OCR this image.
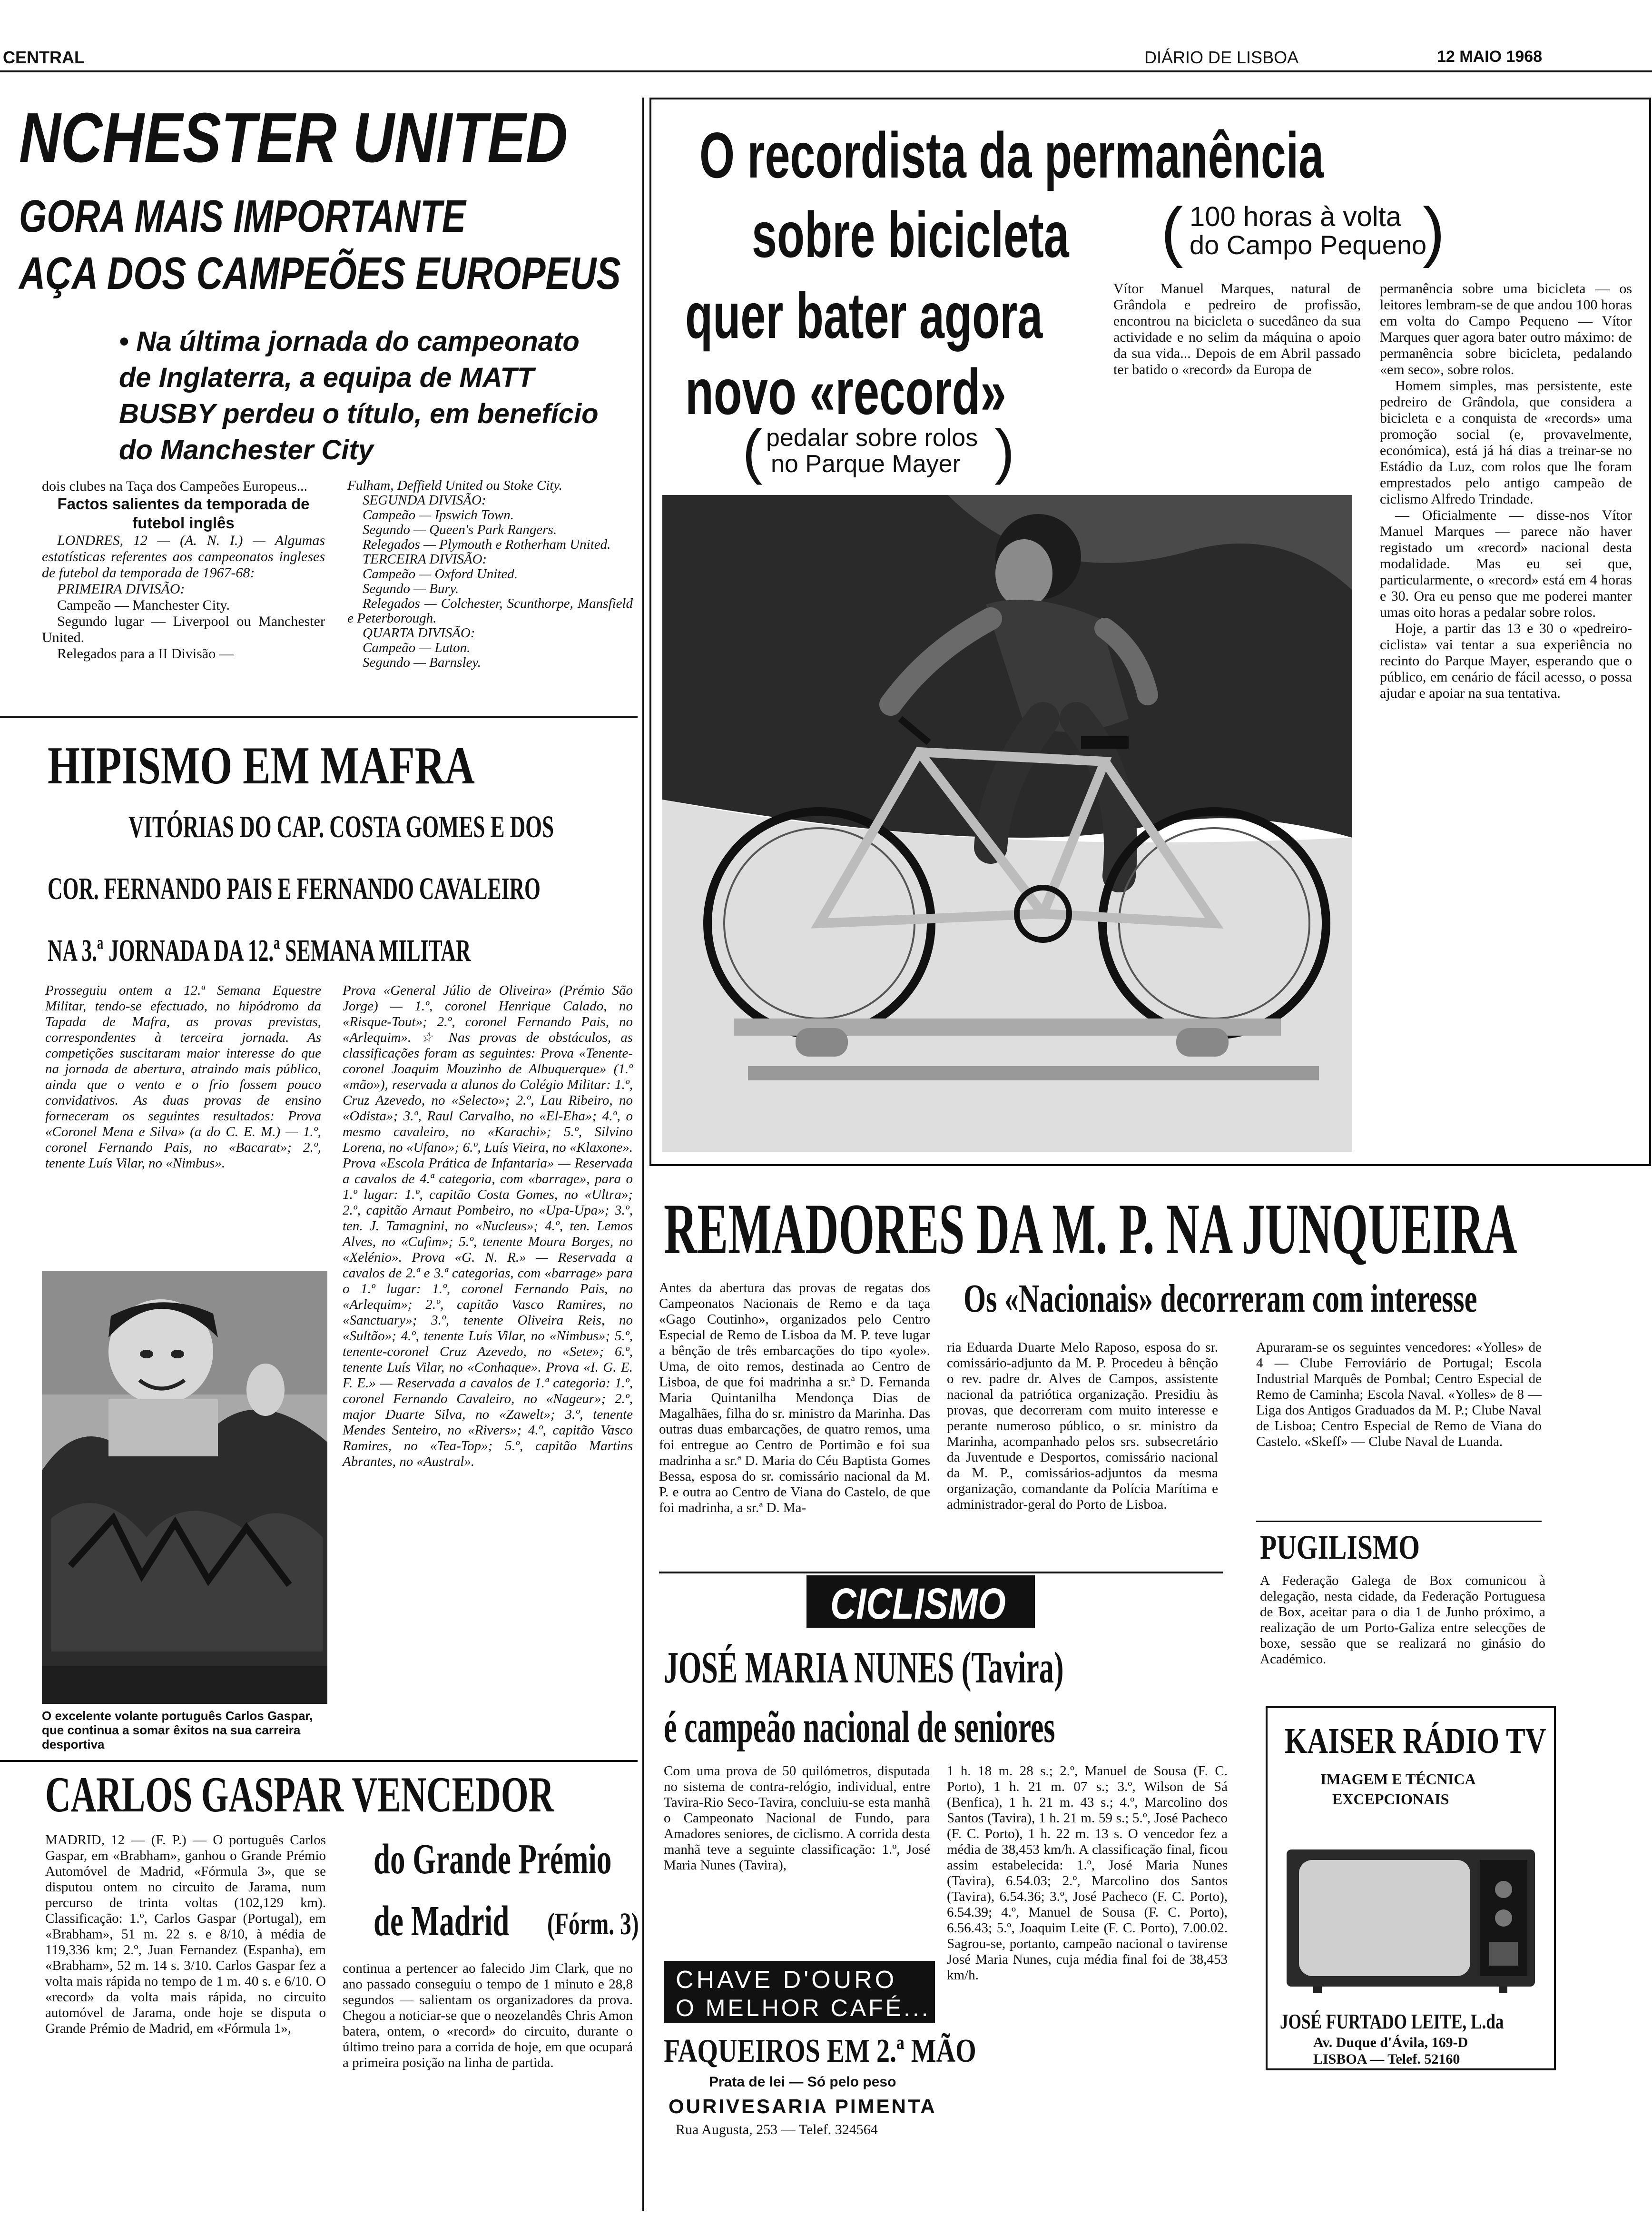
CENTRAL	DIÁRIO DE LISBOA	12 MAIO 1968
NCHESTER UNITED
GORA MAIS IMPORTANTE
AÇA DOS CAMPEÕES EUROPEUS
• Na última jornada do campeonato de Inglaterra, a equipa de MATT BUSBY perdeu o título, em benefício do Manchester City

dois clubes na Taça dos Campeões Europeus...

Factos salientes da temporada de futebol inglês

LONDRES, 12 — (A. N. I.) — Algumas estatísticas referentes aos campeonatos ingleses de futebol da temporada de 1967-68:

PRIMEIRA DIVISÃO:

Campeão — Manchester City.

Segundo lugar — Liverpool ou Manchester United.

Relegados para a II Divisão —

Fulham, Deffield United ou Stoke City.

SEGUNDA DIVISÃO:

Campeão — Ipswich Town.

Segundo — Queen's Park Rangers.

Relegados — Plymouth e Rotherham United.

TERCEIRA DIVISÃO:

Campeão — Oxford United.

Segundo — Bury.

Relegados — Colchester, Scunthorpe, Mansfield e Peterborough.

QUARTA DIVISÃO:

Campeão — Luton.

Segundo — Barnsley.

HIPISMO EM MAFRA
VITÓRIAS DO CAP. COSTA GOMES E DOS
COR. FERNANDO PAIS E FERNANDO CAVALEIRO
NA 3.ª JORNADA DA 12.ª SEMANA MILITAR
Prosseguiu ontem a 12.ª Semana Equestre Militar, tendo-se efectuado, no hipódromo da Tapada de Mafra, as provas previstas, correspondentes à terceira jornada. As competições suscitaram maior interesse do que na jornada de abertura, atraindo mais público, ainda que o vento e o frio fossem pouco convidativos. As duas provas de ensino forneceram os seguintes resultados: Prova «Coronel Mena e Silva» (a do C. E. M.) — 1.º, coronel Fernando Pais, no «Bacarat»; 2.º, tenente Luís Vilar, no «Nimbus».
Prova «General Júlio de Oliveira» (Prémio São Jorge) — 1.º, coronel Henrique Calado, no «Risque-Tout»; 2.º, coronel Fernando Pais, no «Arlequim». ☆ Nas provas de obstáculos, as classificações foram as seguintes: Prova «Tenente-coronel Joaquim Mouzinho de Albuquerque» (1.º «mão»), reservada a alunos do Colégio Militar: 1.º, Cruz Azevedo, no «Selecto»; 2.º, Lau Ribeiro, no «Odista»; 3.º, Raul Carvalho, no «El-Eha»; 4.º, o mesmo cavaleiro, no «Karachi»; 5.º, Silvino Lorena, no «Ufano»; 6.º, Luís Vieira, no «Klaxone». Prova «Escola Prática de Infantaria» — Reservada a cavalos de 4.ª categoria, com «barrage», para o 1.º lugar: 1.º, capitão Costa Gomes, no «Ultra»; 2.º, capitão Arnaut Pombeiro, no «Upa-Upa»; 3.º, ten. J. Tamagnini, no «Nucleus»; 4.º, ten. Lemos Alves, no «Cufim»; 5.º, tenente Moura Borges, no «Xelénio». Prova «G. N. R.» — Reservada a cavalos de 2.ª e 3.ª categorias, com «barrage» para o 1.º lugar: 1.º, coronel Fernando Pais, no «Arlequim»; 2.º, capitão Vasco Ramires, no «Sanctuary»; 3.º, tenente Oliveira Reis, no «Sultão»; 4.º, tenente Luís Vilar, no «Nimbus»; 5.º, tenente-coronel Cruz Azevedo, no «Sete»; 6.º, tenente Luís Vilar, no «Conhaque». Prova «I. G. E. F. E.» — Reservada a cavalos de 1.ª categoria: 1.º, coronel Fernando Cavaleiro, no «Nageur»; 2.º, major Duarte Silva, no «Zawelt»; 3.º, tenente Mendes Senteiro, no «Rivers»; 4.º, capitão Vasco Ramires, no «Tea-Top»; 5.º, capitão Martins Abrantes, no «Austral».
O excelente volante português Carlos Gaspar, que continua a somar êxitos na sua carreira desportiva
CARLOS GASPAR VENCEDOR
MADRID, 12 — (F. P.) — O português Carlos Gaspar, em «Brabham», ganhou o Grande Prémio Automóvel de Madrid, «Fórmula 3», que se disputou ontem no circuito de Jarama, num percurso de trinta voltas (102,129 km). Classificação: 1.º, Carlos Gaspar (Portugal), em «Brabham», 51 m. 22 s. e 8/10, à média de 119,336 km; 2.º, Juan Fernandez (Espanha), em «Brabham», 52 m. 14 s. 3/10. Carlos Gaspar fez a volta mais rápida no tempo de 1 m. 40 s. e 6/10. O «record» da volta mais rápida, no circuito automóvel de Jarama, onde hoje se disputa o Grande Prémio de Madrid, em «Fórmula 1»,
do Grande Prémio
de Madrid (Fórm. 3)
continua a pertencer ao falecido Jim Clark, que no ano passado conseguiu o tempo de 1 minuto e 28,8 segundos — salientam os organizadores da prova. Chegou a noticiar-se que o neozelandês Chris Amon batera, ontem, o «record» do circuito, durante o último treino para a corrida de hoje, em que ocupará a primeira posição na linha de partida.
O recordista da permanência
sobre bicicleta ( 100 horas à volta
do Campo Pequeno
)
quer bater agora
novo «record»
( pedalar sobre rolos
no Parque Mayer )
Vítor Manuel Marques, natural de Grândola e pedreiro de profissão, encontrou na bicicleta o sucedâneo da sua actividade e no selim da máquina o apoio da sua vida... Depois de em Abril passado ter batido o «record» da Europa de

permanência sobre uma bicicleta — os leitores lembram-se de que andou 100 horas em volta do Campo Pequeno — Vítor Marques quer agora bater outro máximo: de permanência sobre bicicleta, pedalando «em seco», sobre rolos.

Homem simples, mas persistente, este pedreiro de Grândola, que considera a bicicleta e a conquista de «records» uma promoção social (e, provavelmente, económica), está já há dias a treinar-se no Estádio da Luz, com rolos que lhe foram emprestados pelo antigo campeão de ciclismo Alfredo Trindade.

— Oficialmente — disse-nos Vítor Manuel Marques — parece não haver registado um «record» nacional desta modalidade. Mas eu sei que, particularmente, o «record» está em 4 horas e 30. Ora eu penso que me poderei manter umas oito horas a pedalar sobre rolos.

Hoje, a partir das 13 e 30 o «pedreiro-ciclista» vai tentar a sua experiência no recinto do Parque Mayer, esperando que o público, em cenário de fácil acesso, o possa ajudar e apoiar na sua tentativa.

REMADORES DA M. P. NA JUNQUEIRA
Antes da abertura das provas de regatas dos Campeonatos Nacionais de Remo e da taça «Gago Coutinho», organizados pelo Centro Especial de Remo de Lisboa da M. P. teve lugar a bênção de três embarcações do tipo «yole». Uma, de oito remos, destinada ao Centro de Lisboa, de que foi madrinha a sr.ª D. Fernanda Maria Quintanilha Mendonça Dias de Magalhães, filha do sr. ministro da Marinha. Das outras duas embarcações, de quatro remos, uma foi entregue ao Centro de Portimão e foi sua madrinha a sr.ª D. Maria do Céu Baptista Gomes Bessa, esposa do sr. comissário nacional da M. P. e outra ao Centro de Viana do Castelo, de que foi madrinha, a sr.ª D. Ma-
Os «Nacionais» decorreram com interesse
ria Eduarda Duarte Melo Raposo, esposa do sr. comissário-adjunto da M. P. Procedeu à bênção o rev. padre dr. Alves de Campos, assistente nacional da patriótica organização. Presidiu às provas, que decorreram com muito interesse e perante numeroso público, o sr. ministro da Marinha, acompanhado pelos srs. subsecretário da Juventude e Desportos, comissário nacional da M. P., comissários-adjuntos da mesma organização, comandante da Polícia Marítima e administrador-geral do Porto de Lisboa.
Apuraram-se os seguintes vencedores: «Yolles» de 4 — Clube Ferroviário de Portugal; Escola Industrial Marquês de Pombal; Centro Especial de Remo de Caminha; Escola Naval. «Yolles» de 8 — Liga dos Antigos Graduados da M. P.; Clube Naval de Lisboa; Centro Especial de Remo de Viana do Castelo. «Skeff» — Clube Naval de Luanda.
PUGILISMO
A Federação Galega de Box comunicou à delegação, nesta cidade, da Federação Portuguesa de Box, aceitar para o dia 1 de Junho próximo, a realização de um Porto-Galiza entre selecções de boxe, sessão que se realizará no ginásio do Académico.
CICLISMO
JOSÉ MARIA NUNES (Tavira)
é campeão nacional de seniores
Com uma prova de 50 quilómetros, disputada no sistema de contra-relógio, individual, entre Tavira-Rio Seco-Tavira, concluiu-se esta manhã o Campeonato Nacional de Fundo, para Amadores seniores, de ciclismo. A corrida desta manhã teve a seguinte classificação: 1.º, José Maria Nunes (Tavira),
1 h. 18 m. 28 s.; 2.º, Manuel de Sousa (F. C. Porto), 1 h. 21 m. 07 s.; 3.º, Wilson de Sá (Benfica), 1 h. 21 m. 43 s.; 4.º, Marcolino dos Santos (Tavira), 1 h. 21 m. 59 s.; 5.º, José Pacheco (F. C. Porto), 1 h. 22 m. 13 s. O vencedor fez a média de 38,453 km/h. A classificação final, ficou assim estabelecida: 1.º, José Maria Nunes (Tavira), 6.54.03; 2.º, Marcolino dos Santos (Tavira), 6.54.36; 3.º, José Pacheco (F. C. Porto), 6.54.39; 4.º, Manuel de Sousa (F. C. Porto), 6.56.43; 5.º, Joaquim Leite (F. C. Porto), 7.00.02. Sagrou-se, portanto, campeão nacional o tavirense José Maria Nunes, cuja média final foi de 38,453 km/h.
CHAVE D'OURO
O MELHOR CAFÉ...
FAQUEIROS EM 2.ª MÃO
Prata de lei — Só pelo peso
OURIVESARIA PIMENTA
Rua Augusta, 253 — Telef. 324564
KAISER RÁDIO TV
IMAGEM E TÉCNICA
EXCEPCIONAIS
JOSÉ FURTADO LEITE, L.da
Av. Duque d'Ávila, 169-D
LISBOA — Telef. 52160
